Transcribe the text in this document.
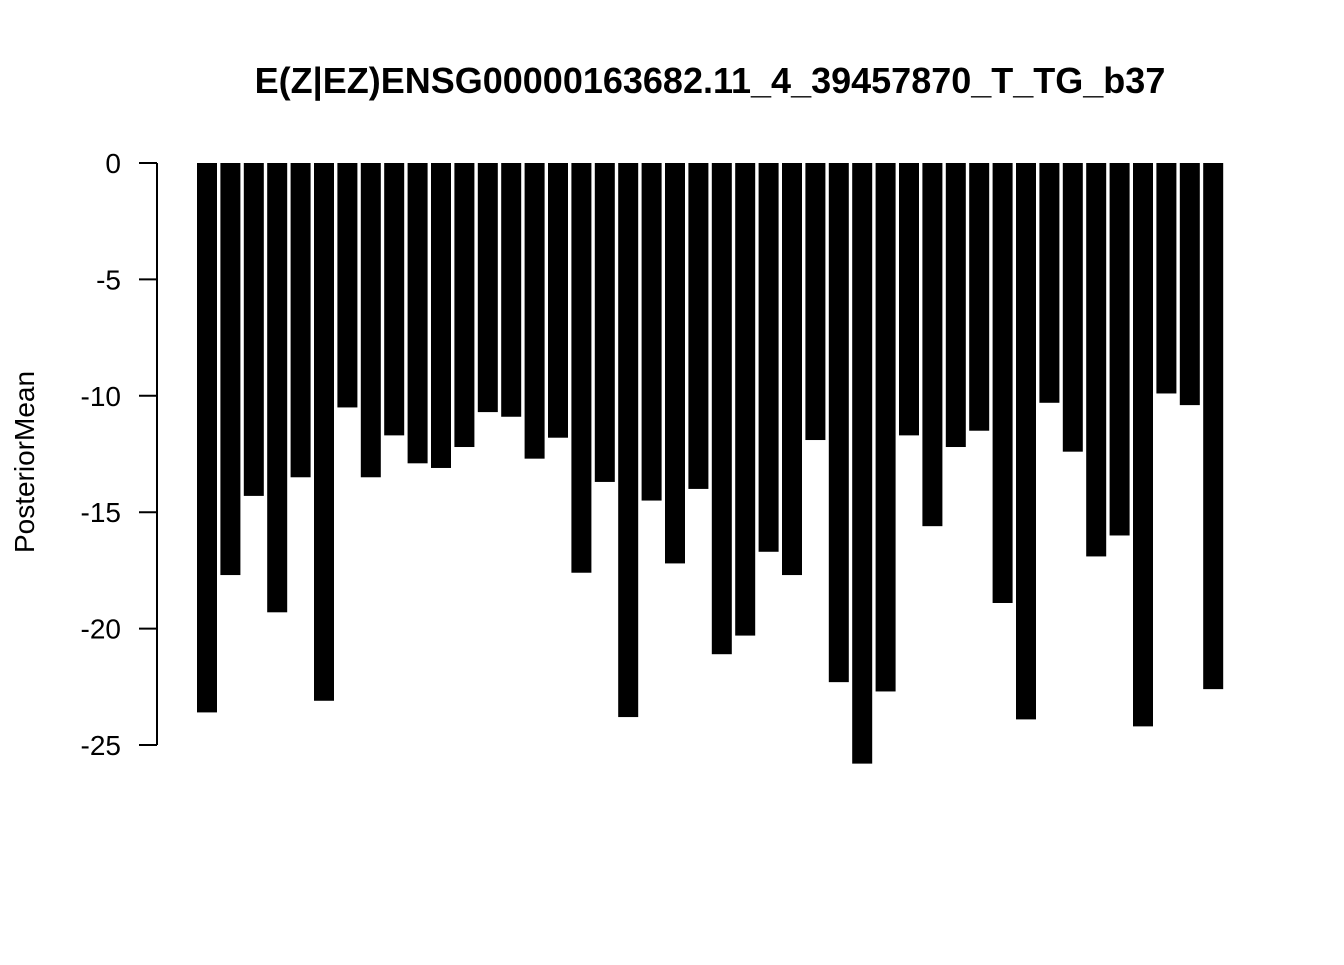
E(Z|EZ)ENSG00000163682.11_4_39457870_T_TG_b37
PosteriorMean
0
-5
-10
-15
-20
-25
